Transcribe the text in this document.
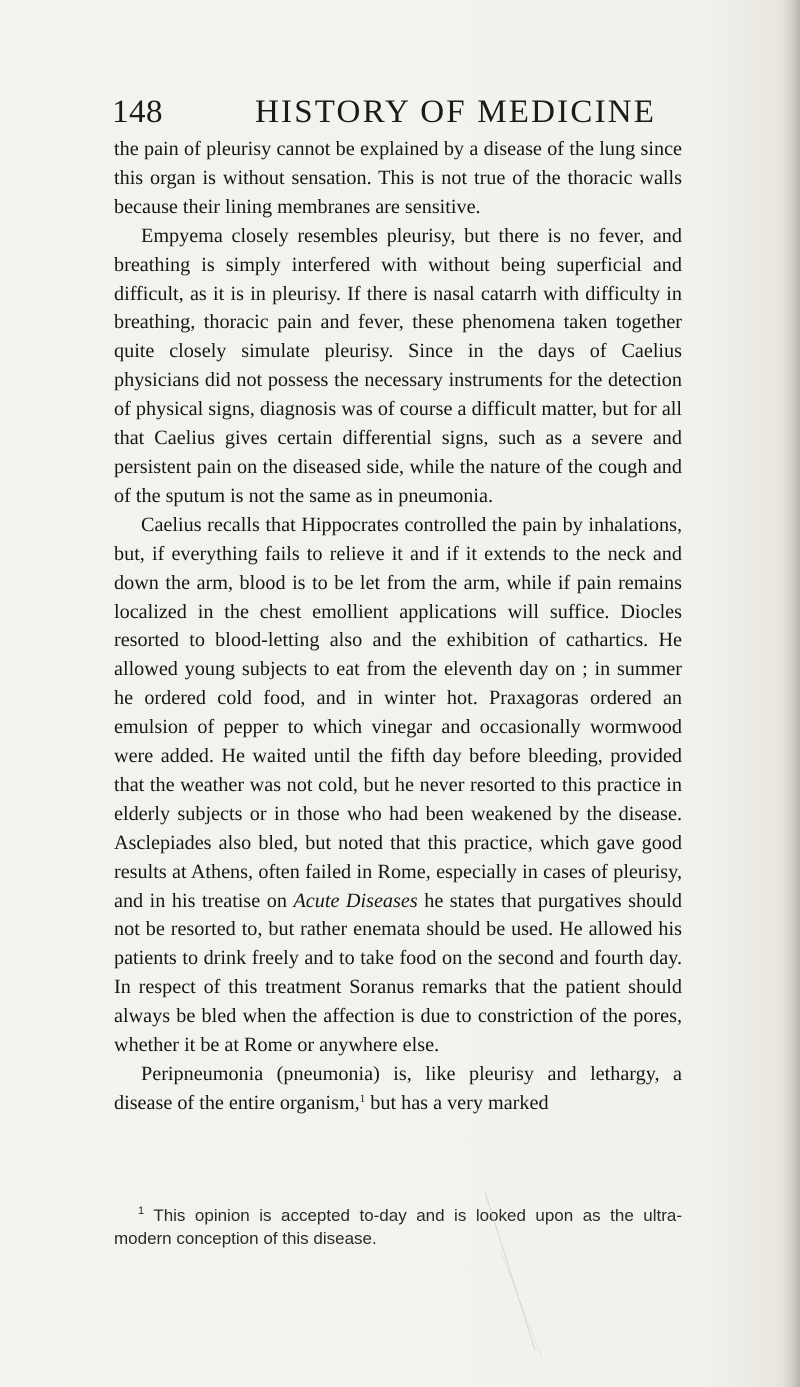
148	HISTORY OF MEDICINE

the pain of pleurisy cannot be explained by a disease of the lung since this organ is without sensation. This is not true of the thoracic walls because their lining membranes are sensitive.

Empyema closely resembles pleurisy, but there is no fever, and breathing is simply interfered with without being superficial and difficult, as it is in pleurisy. If there is nasal catarrh with difficulty in breathing, thoracic pain and fever, these phenomena taken together quite closely simulate pleurisy. Since in the days of Caelius physicians did not possess the necessary instruments for the detection of physical signs, diagnosis was of course a difficult matter, but for all that Caelius gives certain differential signs, such as a severe and persistent pain on the diseased side, while the nature of the cough and of the sputum is not the same as in pneumonia.

Caelius recalls that Hippocrates controlled the pain by inhalations, but, if everything fails to relieve it and if it extends to the neck and down the arm, blood is to be let from the arm, while if pain remains localized in the chest emollient applications will suffice. Diocles resorted to blood-letting also and the exhibition of cathartics. He allowed young subjects to eat from the eleventh day on ; in summer he ordered cold food, and in winter hot. Praxagoras ordered an emulsion of pepper to which vinegar and occasionally wormwood were added. He waited until the fifth day before bleeding, provided that the weather was not cold, but he never resorted to this practice in elderly subjects or in those who had been weakened by the disease. Asclepiades also bled, but noted that this practice, which gave good results at Athens, often failed in Rome, especially in cases of pleurisy, and in his treatise on Acute Diseases he states that purgatives should not be resorted to, but rather enemata should be used. He allowed his patients to drink freely and to take food on the second and fourth day. In respect of this treatment Soranus remarks that the patient should always be bled when the affection is due to constriction of the pores, whether it be at Rome or anywhere else.

Peripneumonia (pneumonia) is, like pleurisy and lethargy, a disease of the entire organism,$^1$ but has a very marked

$^1$ This opinion is accepted to-day and is looked upon as the ultra-modern conception of this disease.
